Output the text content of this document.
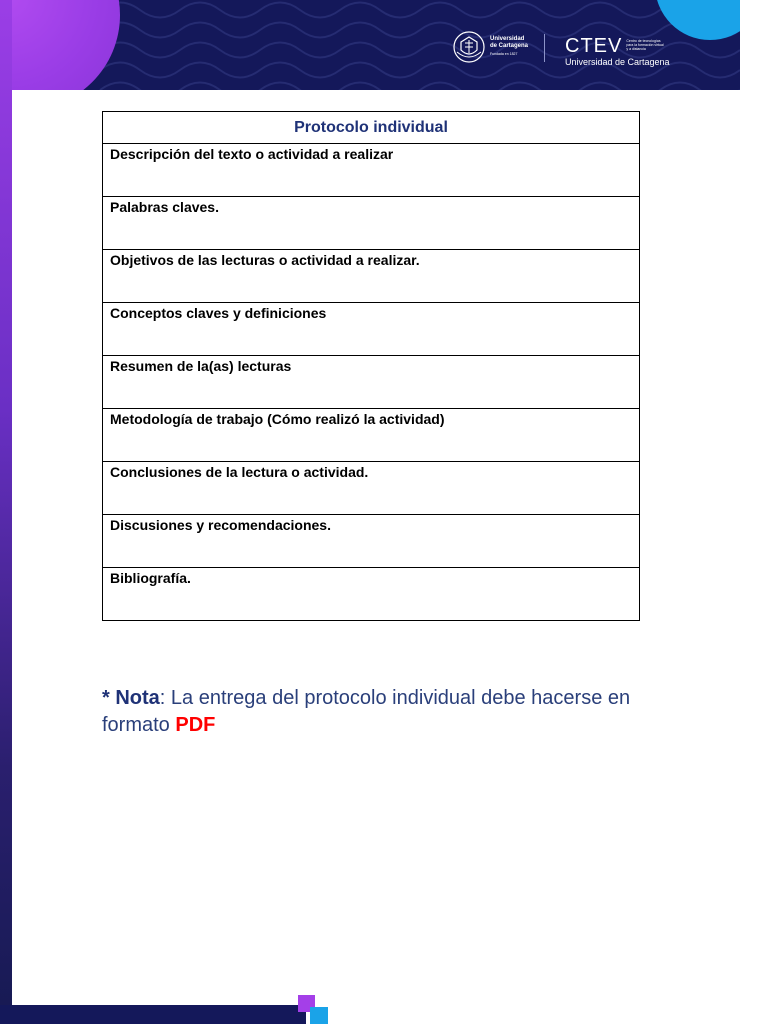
Universidad
de Cartagena
Fundada en 1827	CTEV Centro de tecnologías para la formación virtual y a distancia
Universidad de Cartagena
Protocolo individual
Descripción del texto o actividad a realizar
Palabras claves.
Objetivos de las lecturas o actividad a realizar.
Conceptos claves y definiciones
Resumen de la(as) lecturas
Metodología de trabajo (Cómo realizó la actividad)
Conclusiones de la lectura o actividad.
Discusiones y recomendaciones.
Bibliografía.

* Nota: La entrega del protocolo individual debe hacerse en formato PDF
